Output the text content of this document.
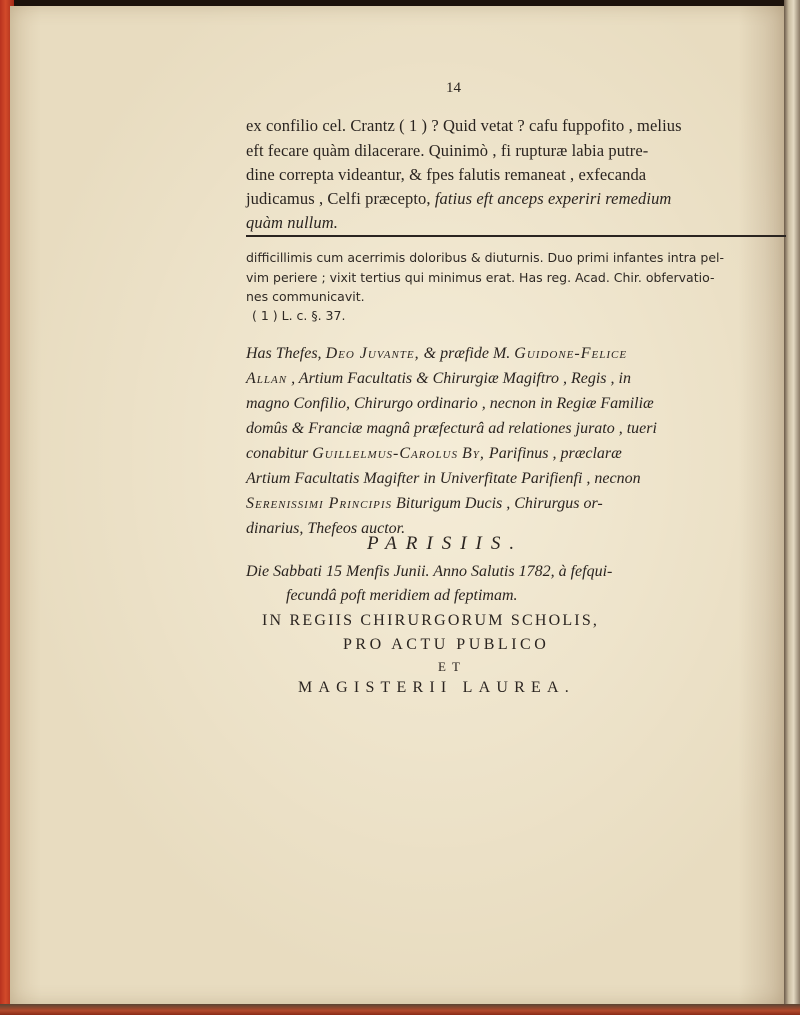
14
ex confilio cel. Crantz ( 1 ) ? Quid vetat ? cafu fuppofito , melius
eft fecare quàm dilacerare. Quinimò , fi rupturæ labia putre-
dine correpta videantur, & fpes falutis remaneat , exfecanda
judicamus , Celfi præcepto, fatius eft anceps experiri remedium
quàm nullum.
difficillimis cum acerrimis doloribus & diuturnis. Duo primi infantes intra pel-
vim periere ; vixit tertius qui minimus erat. Has reg. Acad. Chir. obfervatio-
nes communicavit.
( 1 ) L. c. §. 37.
Has Thefes, Deo Juvante, & præfide M. Guidone-Felice
Allan , Artium Facultatis & Chirurgiæ Magiftro , Regis , in
magno Confilio, Chirurgo ordinario , necnon in Regiæ Familiæ
domûs & Franciæ magnâ præfecturâ ad relationes jurato , tueri
conabitur Guillelmus-Carolus By, Parifinus , præclaræ
Artium Facultatis Magifter in Univerfitate Parifienfi , necnon
Serenissimi Principis Biturigum Ducis , Chirurgus or-
dinarius, Thefeos auctor.
PARISIIS.
Die Sabbati 15 Menfis Junii. Anno Salutis 1782, à fefqui-
fecundâ poft meridiem ad feptimam.
IN REGIIS CHIRURGORUM SCHOLIS,
PRO ACTU PUBLICO
ET
MAGISTERII LAUREA.
